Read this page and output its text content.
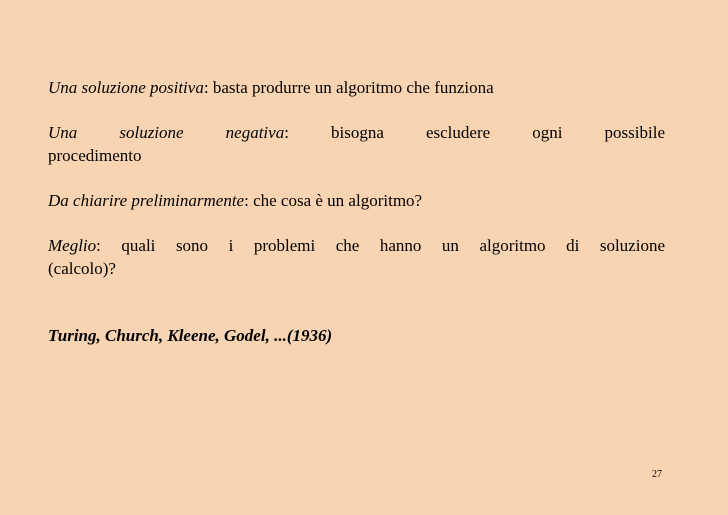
Una soluzione positiva: basta produrre un algoritmo che funziona

Una soluzione negativa: bisogna escludere ogni possibile
procedimento

Da chiarire preliminarmente: che cosa è un algoritmo?

Meglio: quali sono i problemi che hanno un algoritmo di soluzione
(calcolo)?

Turing, Church, Kleene, Godel, ...(1936)

27
